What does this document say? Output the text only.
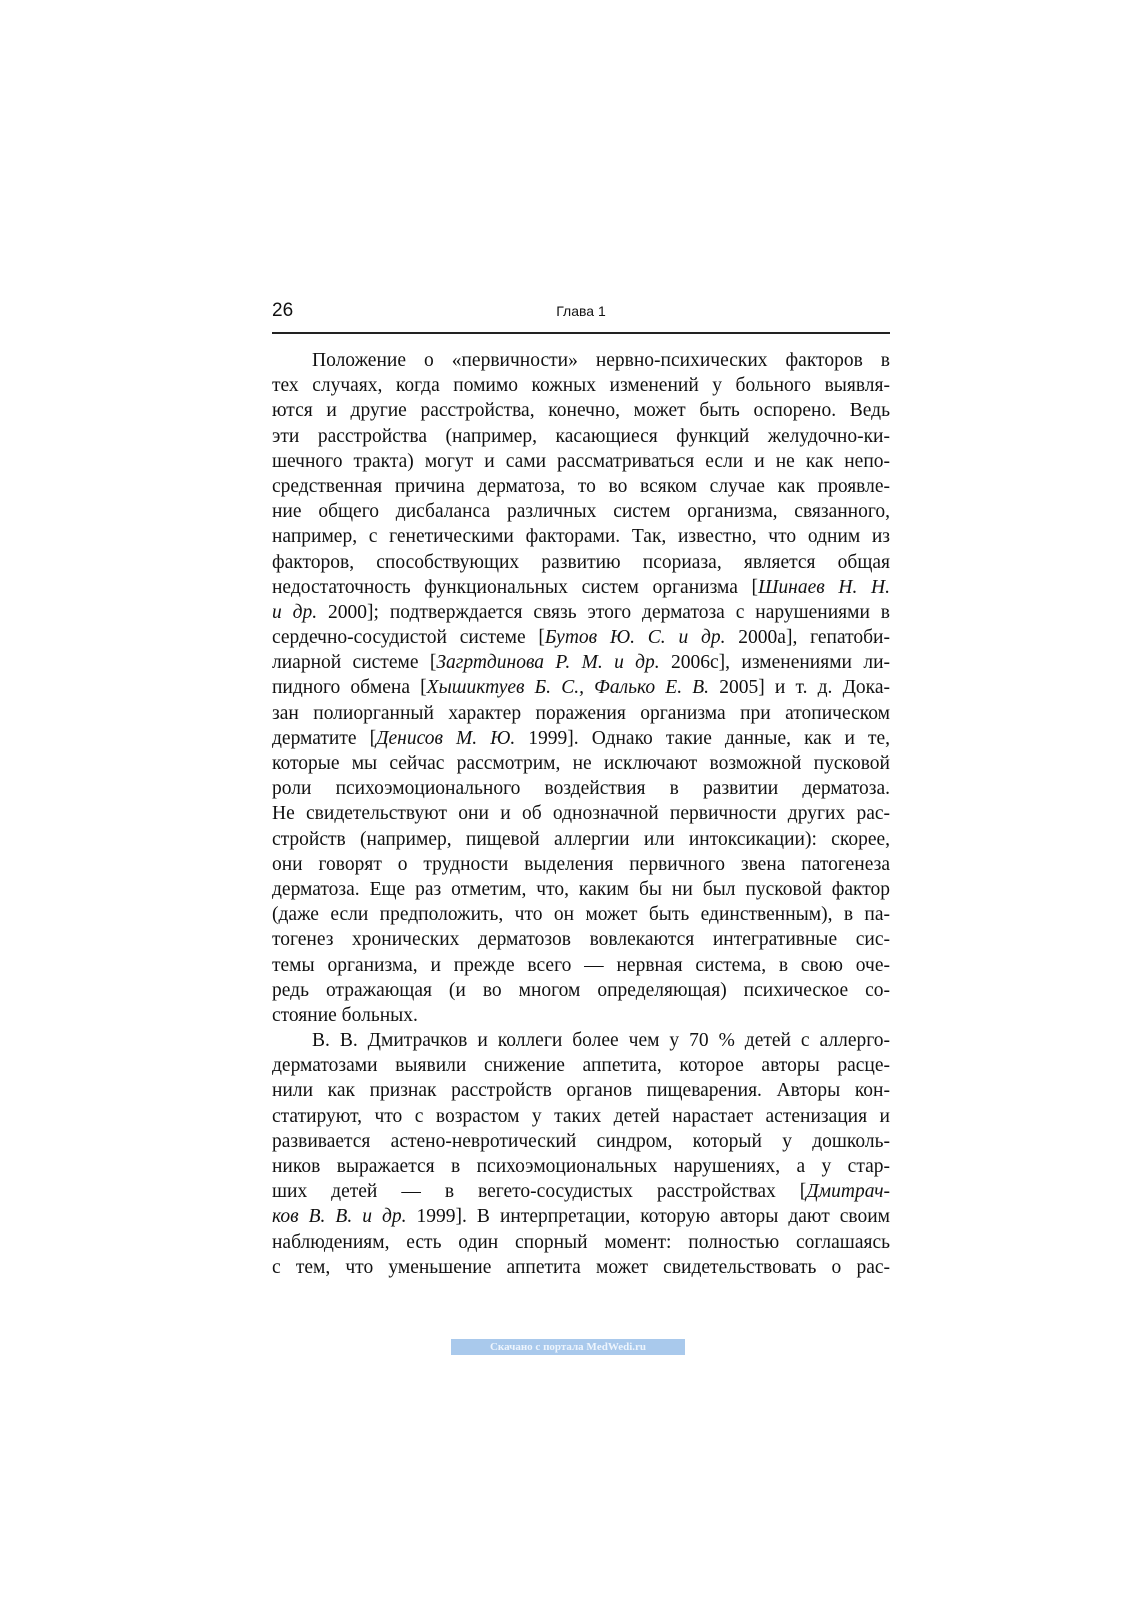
26	Глава 1
Положение о «первичности» нервно-психических факторов в
тех случаях, когда помимо кожных изменений у больного выявля-
ются и другие расстройства, конечно, может быть оспорено. Ведь
эти расстройства (например, касающиеся функций желудочно-ки-
шечного тракта) могут и сами рассматриваться если и не как непо-
средственная причина дерматоза, то во всяком случае как проявле-
ние общего дисбаланса различных систем организма, связанного,
например, с генетическими факторами. Так, известно, что одним из
факторов, способствующих развитию псориаза, является общая
недостаточность функциональных систем организма [Шинаев Н. Н.
и др. 2000]; подтверждается связь этого дерматоза с нарушениями в
сердечно-сосудистой системе [Бутов Ю. С. и др. 2000a], гепатоби-
лиарной системе [Загртдинова Р. М. и др. 2006c], изменениями ли-
пидного обмена [Хышиктуев Б. С., Фалько Е. В. 2005] и т. д. Дока-
зан полиорганный характер поражения организма при атопическом
дерматите [Денисов М. Ю. 1999]. Однако такие данные, как и те,
которые мы сейчас рассмотрим, не исключают возможной пусковой
роли психоэмоционального воздействия в развитии дерматоза.
Не свидетельствуют они и об однозначной первичности других рас-
стройств (например, пищевой аллергии или интоксикации): скорее,
они говорят о трудности выделения первичного звена патогенеза
дерматоза. Еще раз отметим, что, каким бы ни был пусковой фактор
(даже если предположить, что он может быть единственным), в па-
тогенез хронических дерматозов вовлекаются интегративные сис-
темы организма, и прежде всего — нервная система, в свою оче-
редь отражающая (и во многом определяющая) психическое со-
стояние больных.
В. В. Дмитрачков и коллеги более чем у 70 % детей с аллерго-
дерматозами выявили снижение аппетита, которое авторы расце-
нили как признак расстройств органов пищеварения. Авторы кон-
статируют, что с возрастом у таких детей нарастает астенизация и
развивается астено-невротический синдром, который у дошколь-
ников выражается в психоэмоциональных нарушениях, а у стар-
ших детей — в вегето-сосудистых расстройствах [Дмитрач-
ков В. В. и др. 1999]. В интерпретации, которую авторы дают своим
наблюдениям, есть один спорный момент: полностью соглашаясь
с тем, что уменьшение аппетита может свидетельствовать о рас-
Скачано с портала MedWedi.ru
